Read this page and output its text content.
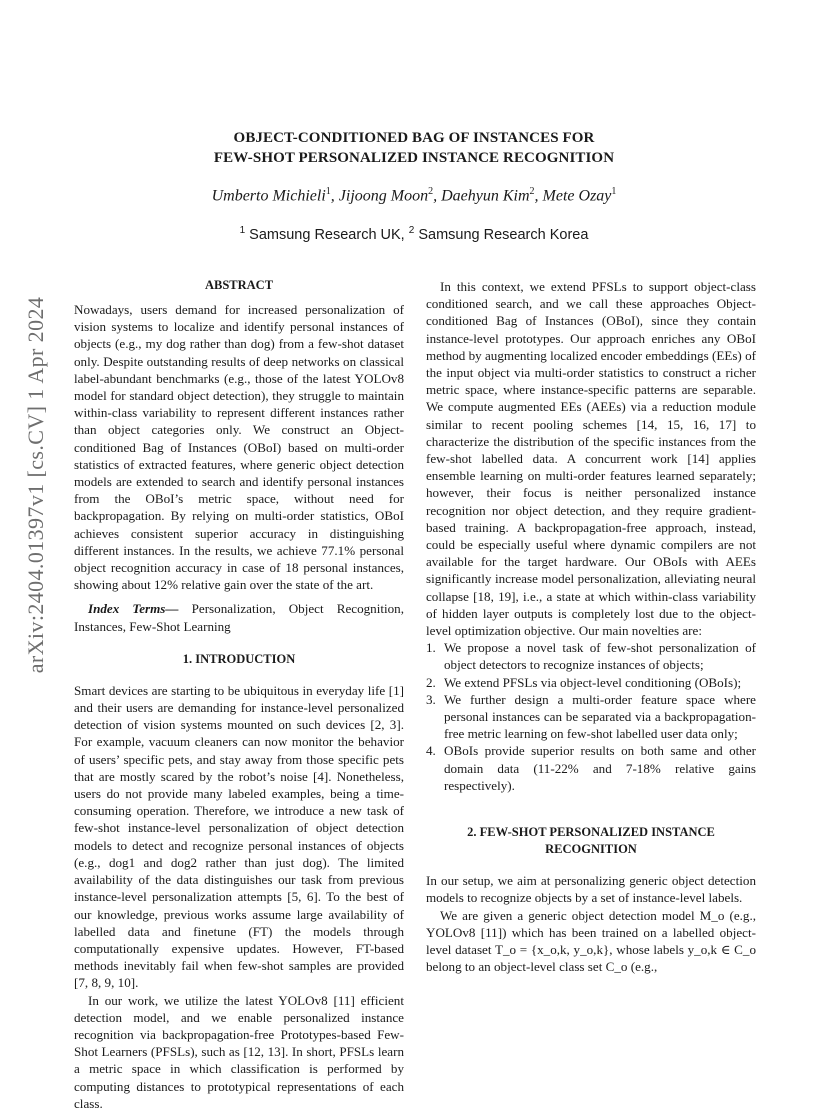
arXiv:2404.01397v1 [cs.CV] 1 Apr 2024
OBJECT-CONDITIONED BAG OF INSTANCES FOR
FEW-SHOT PERSONALIZED INSTANCE RECOGNITION
Umberto Michieli$^1$, Jijoong Moon$^2$, Daehyun Kim$^2$, Mete Ozay$^1$
$^1$ Samsung Research UK, $^2$ Samsung Research Korea
ABSTRACT

Nowadays, users demand for increased personalization of vision systems to localize and identify personal instances of objects (e.g., my dog rather than dog) from a few-shot dataset only. Despite outstanding results of deep networks on classical label-abundant benchmarks (e.g., those of the latest YOLOv8 model for standard object detection), they struggle to maintain within-class variability to represent different instances rather than object categories only. We construct an Object-conditioned Bag of Instances (OBoI) based on multi-order statistics of extracted features, where generic object detection models are extended to search and identify personal instances from the OBoI’s metric space, without need for backpropagation. By relying on multi-order statistics, OBoI achieves consistent superior accuracy in distinguishing different instances. In the results, we achieve 77.1% personal object recognition accuracy in case of 18 personal instances, showing about 12% relative gain over the state of the art.

Index Terms— Personalization, Object Recognition, Instances, Few-Shot Learning

1. INTRODUCTION

Smart devices are starting to be ubiquitous in everyday life [1] and their users are demanding for instance-level personalized detection of vision systems mounted on such devices [2, 3]. For example, vacuum cleaners can now monitor the behavior of users’ specific pets, and stay away from those specific pets that are mostly scared by the robot’s noise [4]. Nonetheless, users do not provide many labeled examples, being a time-consuming operation. Therefore, we introduce a new task of few-shot instance-level personalization of object detection models to detect and recognize personal instances of objects (e.g., dog1 and dog2 rather than just dog). The limited availability of the data distinguishes our task from previous instance-level personalization attempts [5, 6]. To the best of our knowledge, previous works assume large availability of labelled data and finetune (FT) the models through computationally expensive updates. However, FT-based methods inevitably fail when few-shot samples are provided [7, 8, 9, 10].

In our work, we utilize the latest YOLOv8 [11] efficient detection model, and we enable personalized instance recognition via backpropagation-free Prototypes-based Few-Shot Learners (PFSLs), such as [12, 13]. In short, PFSLs learn a metric space in which classification is performed by computing distances to prototypical representations of each class.

In this context, we extend PFSLs to support object-class conditioned search, and we call these approaches Object-conditioned Bag of Instances (OBoI), since they contain instance-level prototypes. Our approach enriches any OBoI method by augmenting localized encoder embeddings (EEs) of the input object via multi-order statistics to construct a richer metric space, where instance-specific patterns are separable. We compute augmented EEs (AEEs) via a reduction module similar to recent pooling schemes [14, 15, 16, 17] to characterize the distribution of the specific instances from the few-shot labelled data. A concurrent work [14] applies ensemble learning on multi-order features learned separately; however, their focus is neither personalized instance recognition nor object detection, and they require gradient-based training. A backpropagation-free approach, instead, could be especially useful where dynamic compilers are not available for the target hardware. Our OBoIs with AEEs significantly increase model personalization, alleviating neural collapse [18, 19], i.e., a state at which within-class variability of hidden layer outputs is completely lost due to the object-level optimization objective. Our main novelties are:

1. We propose a novel task of few-shot personalization of object detectors to recognize instances of objects;
2. We extend PFSLs via object-level conditioning (OBoIs);
3. We further design a multi-order feature space where personal instances can be separated via a backpropagation-free metric learning on few-shot labelled user data only;
4. OBoIs provide superior results on both same and other domain data (11-22% and 7-18% relative gains respectively).
2. FEW-SHOT PERSONALIZED INSTANCE
RECOGNITION

In our setup, we aim at personalizing generic object detection models to recognize objects by a set of instance-level labels.

We are given a generic object detection model M_o (e.g., YOLOv8 [11]) which has been trained on a labelled object-level dataset T_o = {x_o,k, y_o,k}, whose labels y_o,k ∈ C_o belong to an object-level class set C_o (e.g.,
